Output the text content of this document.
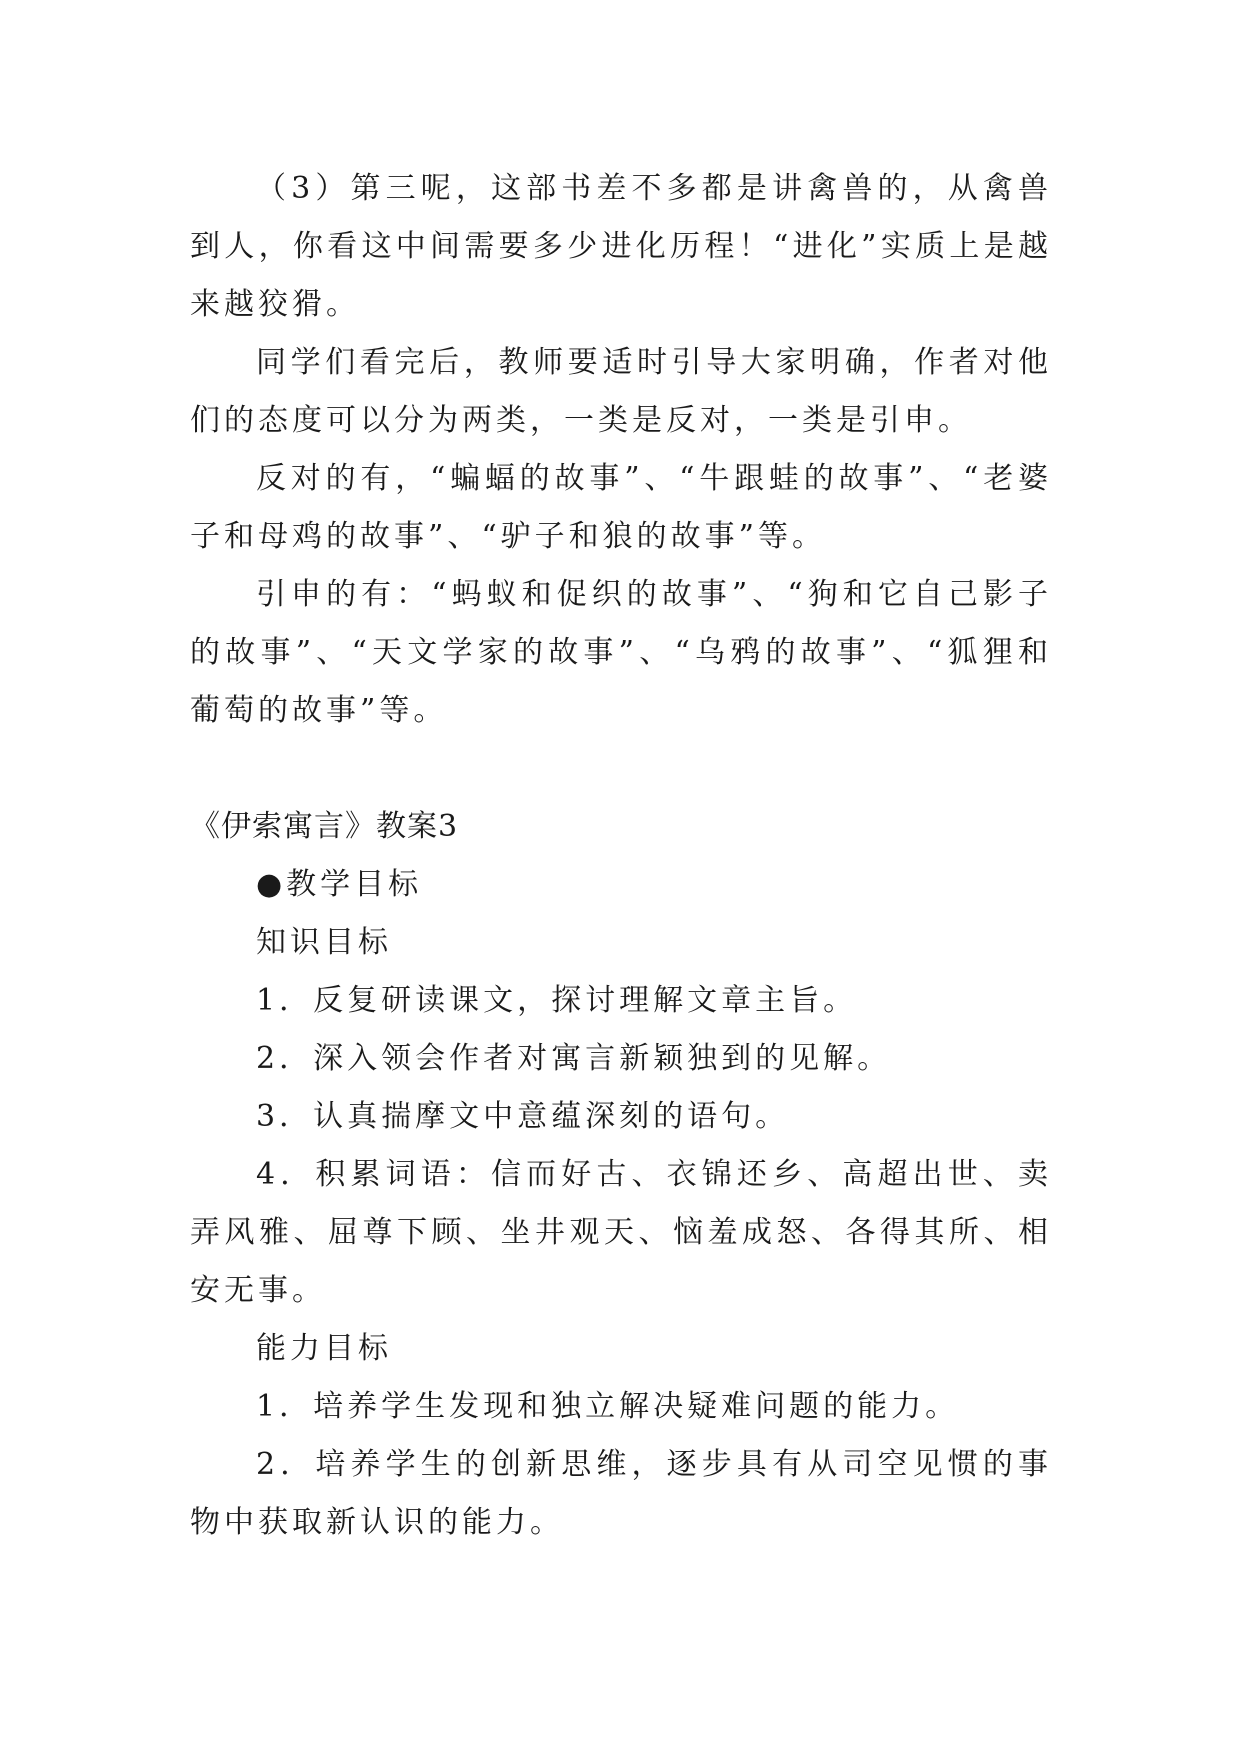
（3）第三呢，这部书差不多都是讲禽兽的，从禽兽到人，你看这中间需要多少进化历程！“进化”实质上是越来越狡猾。

同学们看完后，教师要适时引导大家明确，作者对他们的态度可以分为两类，一类是反对，一类是引申。

反对的有，“蝙蝠的故事”、“牛跟蛙的故事”、“老婆子和母鸡的故事”、“驴子和狼的故事”等。

引申的有：“蚂蚁和促织的故事”、“狗和它自己影子的故事”、“天文学家的故事”、“乌鸦的故事”、“狐狸和葡萄的故事”等。

《伊索寓言》教案3

●教学目标

知识目标

1．反复研读课文，探讨理解文章主旨。

2．深入领会作者对寓言新颖独到的见解。

3．认真揣摩文中意蕴深刻的语句。

4．积累词语：信而好古、衣锦还乡、高超出世、卖弄风雅、屈尊下顾、坐井观天、恼羞成怒、各得其所、相安无事。

能力目标

1．培养学生发现和独立解决疑难问题的能力。

2．培养学生的创新思维，逐步具有从司空见惯的事物中获取新认识的能力。
